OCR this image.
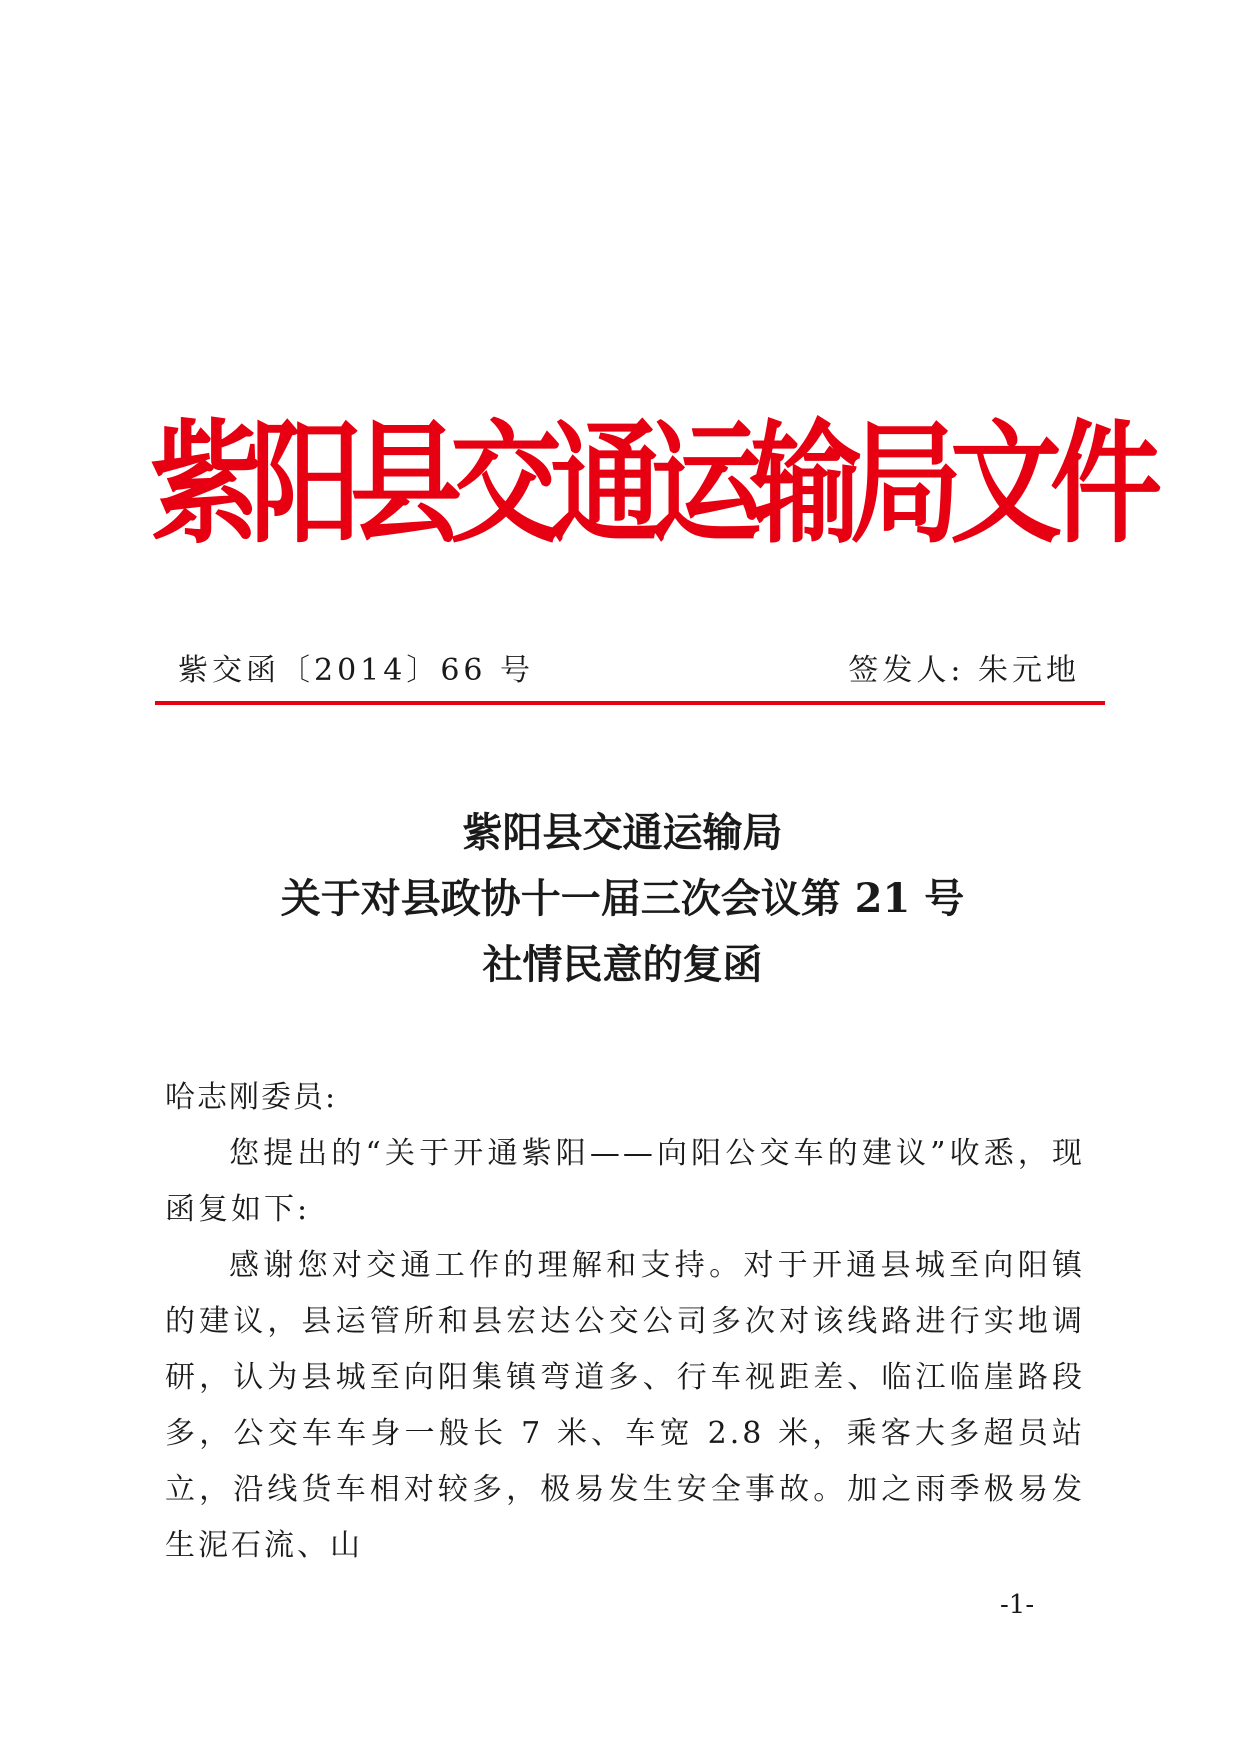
紫
阳
县
交
通
运
输
局
文
件
紫交函〔2014〕66 号	签发人: 朱元地
紫阳县交通运输局
关于对县政协十一届三次会议第 21 号
社情民意的复函
哈志刚委员:
您提出的“关于开通紫阳——向阳公交车的建议”收悉，现函复如下:
感谢您对交通工作的理解和支持。对于开通县城至向阳镇的建议，县运管所和县宏达公交公司多次对该线路进行实地调研，认为县城至向阳集镇弯道多、行车视距差、临江临崖路段多，公交车车身一般长 7 米、车宽 2.8 米，乘客大多超员站立，沿线货车相对较多，极易发生安全事故。加之雨季极易发生泥石流、山
-1-
